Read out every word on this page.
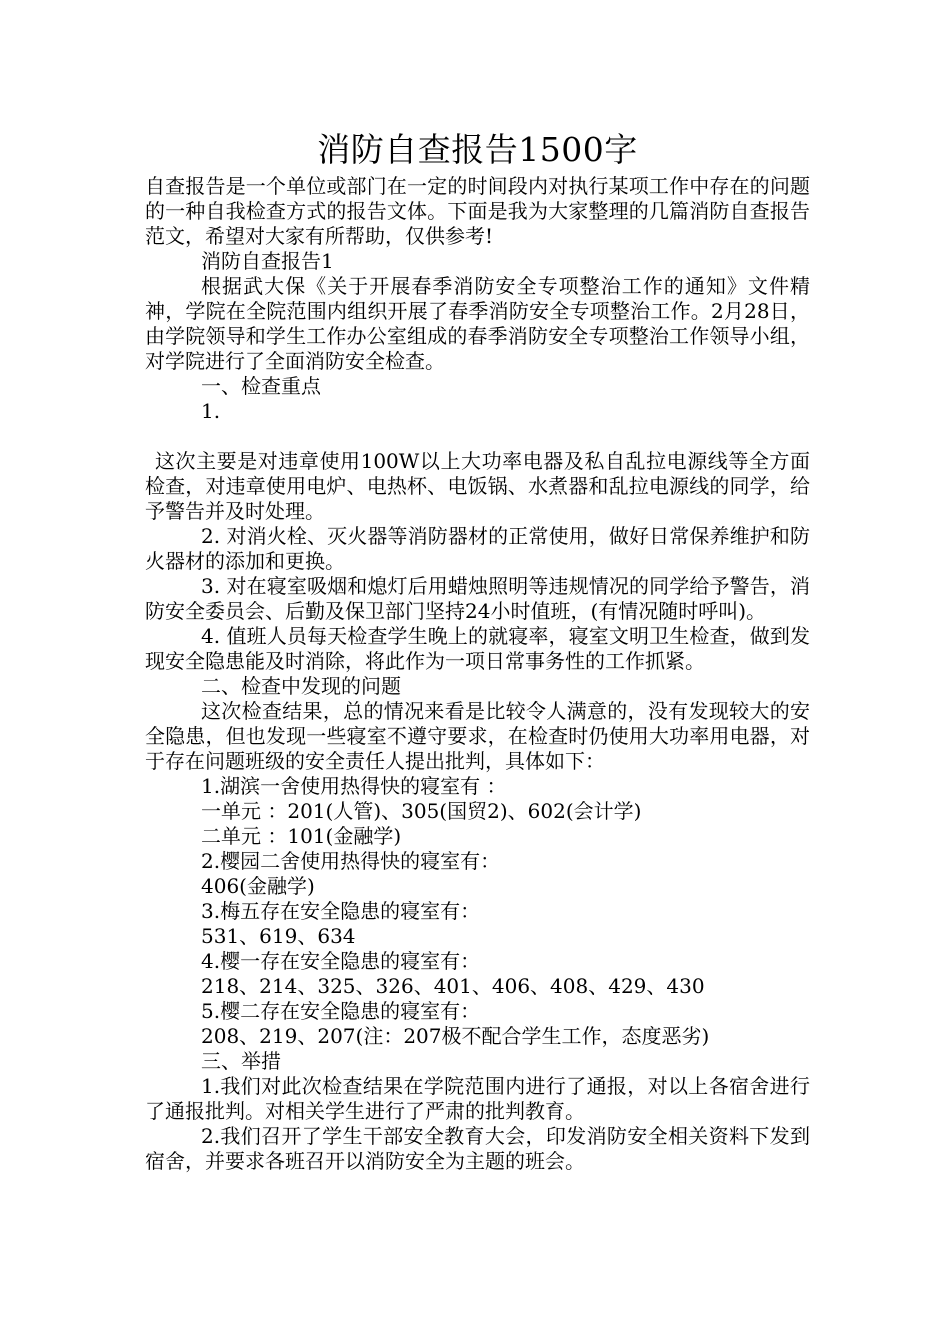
消防自查报告1500字

自查报告是一个单位或部门在一定的时间段内对执行某项工作中存在的问题的一种自我检查方式的报告文体。下面是我为大家整理的几篇消防自查报告范文，希望对大家有所帮助，仅供参考!

消防自查报告1

根据武大保《关于开展春季消防安全专项整治工作的通知》文件精神，学院在全院范围内组织开展了春季消防安全专项整治工作。2月28日，由学院领导和学生工作办公室组成的春季消防安全专项整治工作领导小组，对学院进行了全面消防安全检查。

一、检查重点

1.

这次主要是对违章使用100W以上大功率电器及私自乱拉电源线等全方面检查，对违章使用电炉、电热杯、电饭锅、水煮器和乱拉电源线的同学，给予警告并及时处理。

2. 对消火栓、灭火器等消防器材的正常使用，做好日常保养维护和防火器材的添加和更换。

3. 对在寝室吸烟和熄灯后用蜡烛照明等违规情况的同学给予警告，消防安全委员会、后勤及保卫部门坚持24小时值班，(有情况随时呼叫)。

4. 值班人员每天检查学生晚上的就寝率，寝室文明卫生检查，做到发现安全隐患能及时消除，将此作为一项日常事务性的工作抓紧。

二、检查中发现的问题

这次检查结果，总的情况来看是比较令人满意的，没有发现较大的安全隐患，但也发现一些寝室不遵守要求，在检查时仍使用大功率用电器，对于存在问题班级的安全责任人提出批判，具体如下：

1.湖滨一舍使用热得快的寝室有 ：

一单元 ：201(人管)、305(国贸2)、602(会计学)

二单元 ：101(金融学)

2.樱园二舍使用热得快的寝室有：

406(金融学)

3.梅五存在安全隐患的寝室有：

531、619、634

4.樱一存在安全隐患的寝室有：

218、214、325、326、401、406、408、429、430

5.樱二存在安全隐患的寝室有：

208、219、207(注：207极不配合学生工作，态度恶劣)

三、举措

1.我们对此次检查结果在学院范围内进行了通报，对以上各宿舍进行了通报批判。对相关学生进行了严肃的批判教育。

2.我们召开了学生干部安全教育大会，印发消防安全相关资料下发到宿舍，并要求各班召开以消防安全为主题的班会。
